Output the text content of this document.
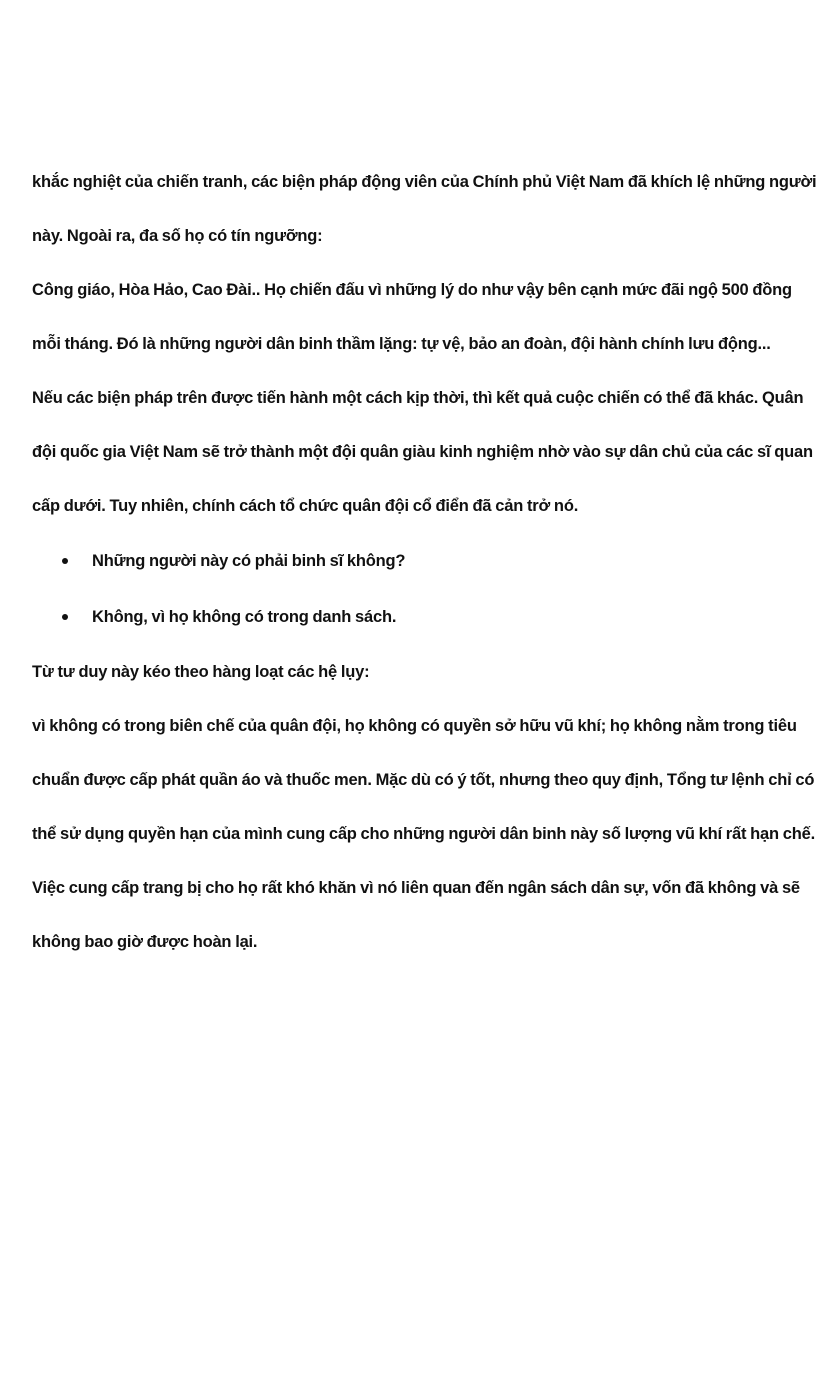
khắc nghiệt của chiến tranh, các biện pháp động viên của Chính phủ Việt Nam đã khích lệ những người

này. Ngoài ra, đa số họ có tín ngưỡng:

Công giáo, Hòa Hảo, Cao Đài.. Họ chiến đấu vì những lý do như vậy bên cạnh mức đãi ngộ 500 đồng

mỗi tháng. Đó là những người dân binh thầm lặng: tự vệ, bảo an đoàn, đội hành chính lưu động...

Nếu các biện pháp trên được tiến hành một cách kịp thời, thì kết quả cuộc chiến có thể đã khác. Quân

đội quốc gia Việt Nam sẽ trở thành một đội quân giàu kinh nghiệm nhờ vào sự dân chủ của các sĩ quan

cấp dưới. Tuy nhiên, chính cách tổ chức quân đội cổ điển đã cản trở nó.

Những người này có phải binh sĩ không?
Không, vì họ không có trong danh sách.

Từ tư duy này kéo theo hàng loạt các hệ lụy:

vì không có trong biên chế của quân đội, họ không có quyền sở hữu vũ khí; họ không nằm trong tiêu

chuẩn được cấp phát quần áo và thuốc men. Mặc dù có ý tốt, nhưng theo quy định, Tổng tư lệnh chỉ có

thể sử dụng quyền hạn của mình cung cấp cho những người dân binh này số lượng vũ khí rất hạn chế.

Việc cung cấp trang bị cho họ rất khó khăn vì nó liên quan đến ngân sách dân sự, vốn đã không và sẽ

không bao giờ được hoàn lại.
